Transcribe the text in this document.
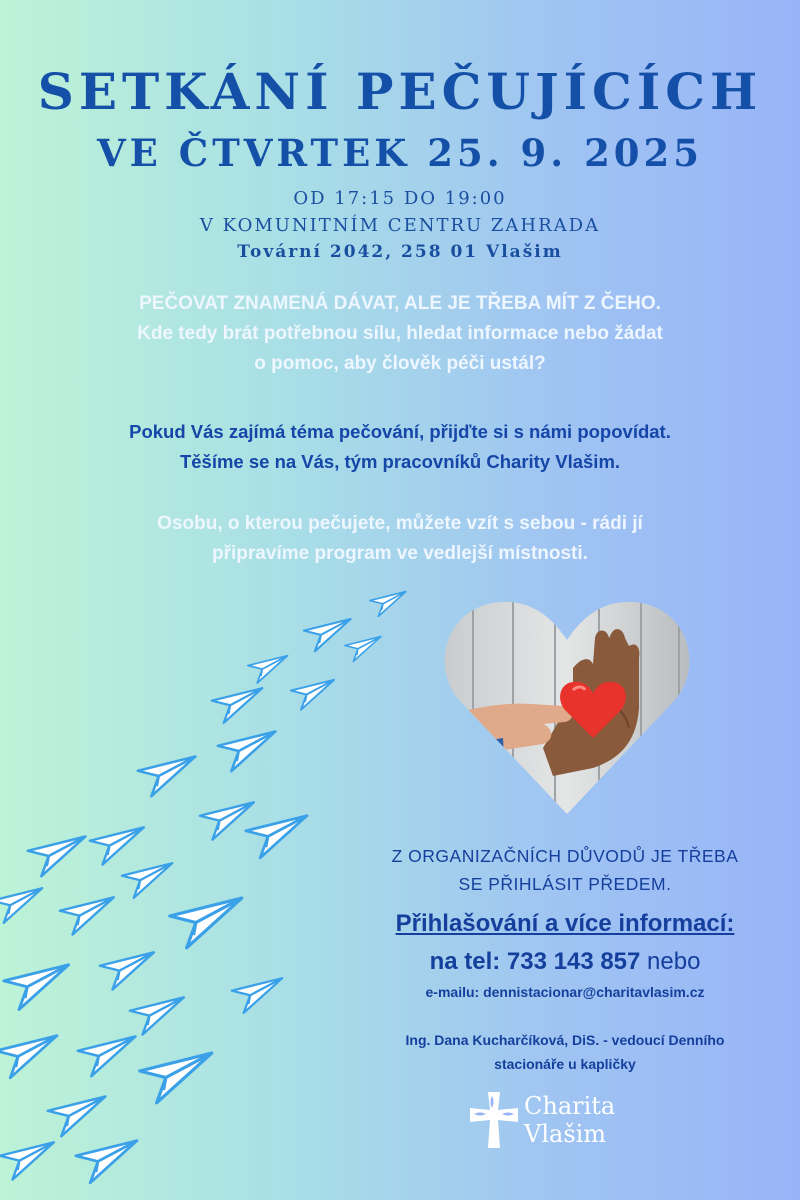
SETKÁNÍ PEČUJÍCÍCH
VE ČTVRTEK 25. 9. 2025
OD 17:15 DO 19:00
V KOMUNITNÍM CENTRU ZAHRADA
Tovární 2042, 258 01 Vlašim
PEČOVAT ZNAMENÁ DÁVAT, ALE JE TŘEBA MÍT Z ČEHO.
Kde tedy brát potřebnou sílu, hledat informace nebo žádat
o pomoc, aby člověk péči ustál?
Pokud Vás zajímá téma pečování, přijďte si s námi popovídat.
Těšíme se na Vás, tým pracovníků Charity Vlašim.
Osobu, o kterou pečujete, můžete vzít s sebou - rádi jí
připravíme program ve vedlejší místnosti.
Z ORGANIZAČNÍCH DŮVODŮ JE TŘEBA
SE PŘIHLÁSIT PŘEDEM.
Přihlašování a více informací:
na tel: 733 143 857 nebo
e-mailu: dennistacionar@charitavlasim.cz
Ing. Dana Kucharčíková, DiS. - vedoucí Denního
stacionáře u kapličky
Charita
Vlašim
